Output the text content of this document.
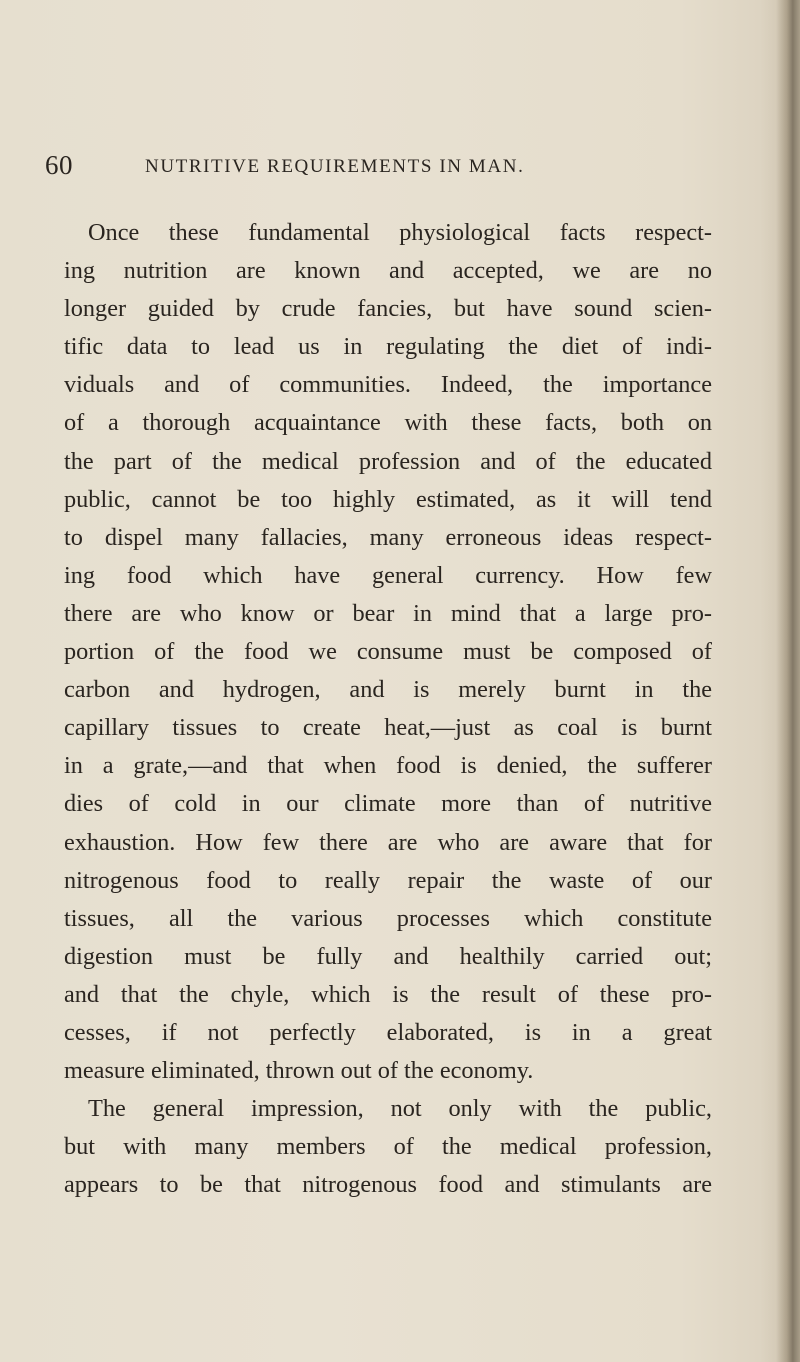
60	NUTRITIVE REQUIREMENTS IN MAN.
Once these fundamental physiological facts respect-
ing nutrition are known and accepted, we are no
longer guided by crude fancies, but have sound scien-
tific data to lead us in regulating the diet of indi-
viduals and of communities. Indeed, the importance
of a thorough acquaintance with these facts, both on
the part of the medical profession and of the educated
public, cannot be too highly estimated, as it will tend
to dispel many fallacies, many erroneous ideas respect-
ing food which have general currency. How few
there are who know or bear in mind that a large pro-
portion of the food we consume must be composed of
carbon and hydrogen, and is merely burnt in the
capillary tissues to create heat,—just as coal is burnt
in a grate,—and that when food is denied, the sufferer
dies of cold in our climate more than of nutritive
exhaustion. How few there are who are aware that for
nitrogenous food to really repair the waste of our
tissues, all the various processes which constitute
digestion must be fully and healthily carried out;
and that the chyle, which is the result of these pro-
cesses, if not perfectly elaborated, is in a great
measure eliminated, thrown out of the economy.
The general impression, not only with the public,
but with many members of the medical profession,
appears to be that nitrogenous food and stimulants are
